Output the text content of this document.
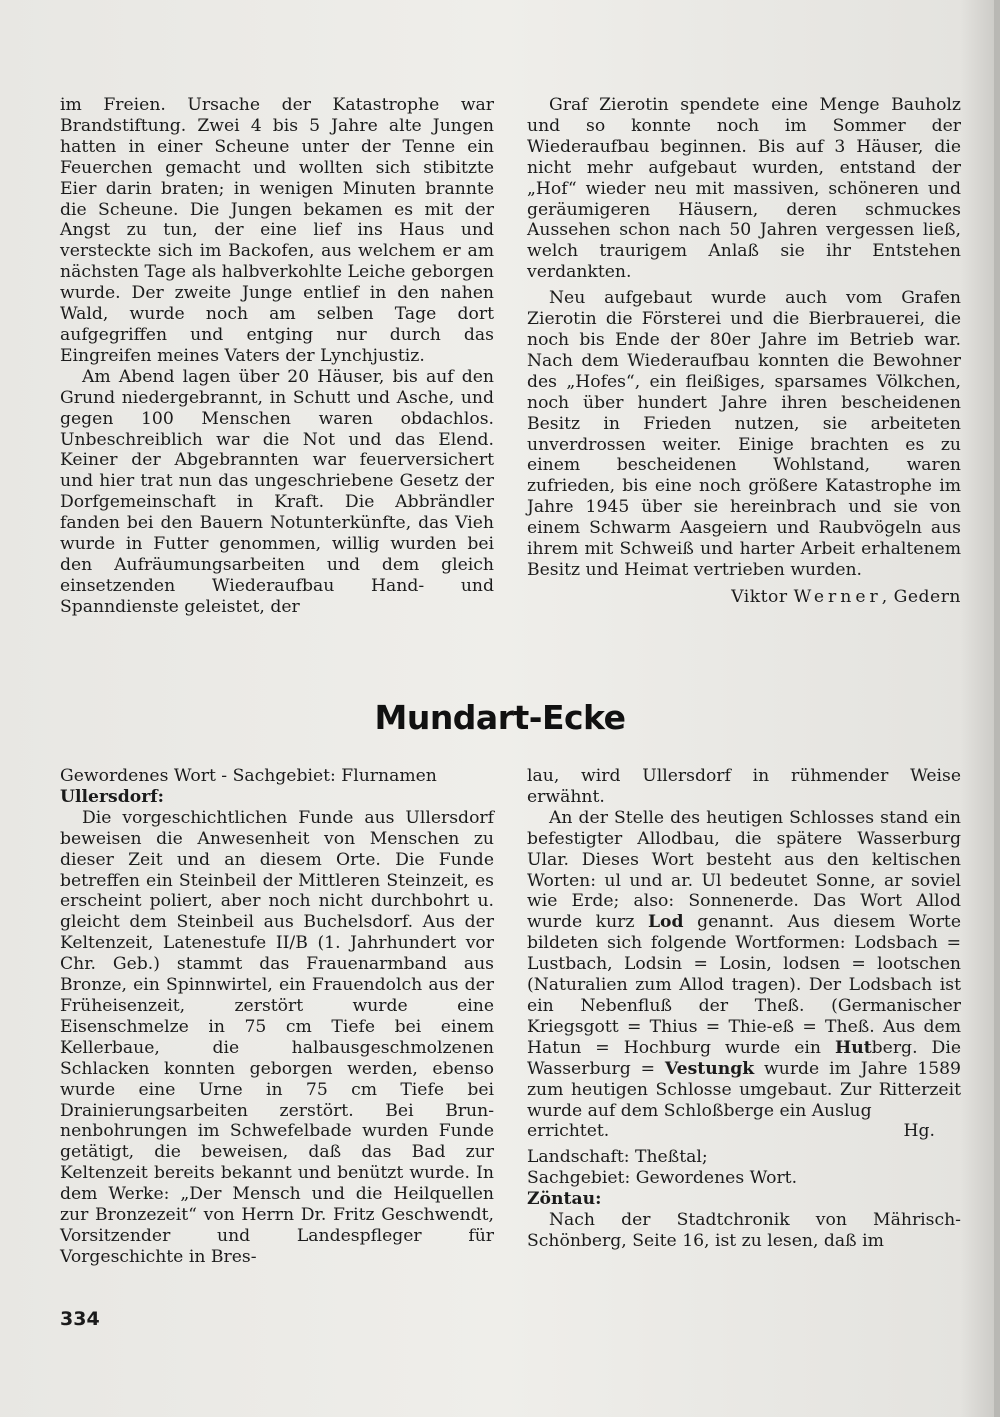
im Freien. Ursache der Katastrophe war Brandstiftung. Zwei 4 bis 5 Jahre alte Jungen hatten in einer Scheune unter der Tenne ein Feuerchen gemacht und wollten sich stibitzte Eier darin braten; in wenigen Minuten brannte die Scheune. Die Jungen bekamen es mit der Angst zu tun, der eine lief ins Haus und versteckte sich im Backofen, aus welchem er am nächsten Tage als halbverkohlte Leiche geborgen wurde. Der zweite Junge entlief in den nahen Wald, wurde noch am selben Tage dort aufgegriffen und entging nur durch das Eingreifen meines Vaters der Lynchjustiz.

Am Abend lagen über 20 Häuser, bis auf den Grund niedergebrannt, in Schutt und Asche, und gegen 100 Menschen waren obdachlos. Unbeschreiblich war die Not und das Elend. Keiner der Abgebrannten war feuerversichert und hier trat nun das ungeschriebene Gesetz der Dorfgemeinschaft in Kraft. Die Abbrändler fanden bei den Bauern Notunterkünfte, das Vieh wurde in Futter genommen, willig wurden bei den Aufräumungsarbeiten und dem gleich einsetzenden Wiederaufbau Hand- und Spanndienste geleistet, der

Graf Zierotin spendete eine Menge Bauholz und so konnte noch im Sommer der Wiederaufbau beginnen. Bis auf 3 Häuser, die nicht mehr aufgebaut wurden, entstand der „Hof“ wieder neu mit massiven, schöneren und geräumigeren Häusern, deren schmuckes Aussehen schon nach 50 Jahren vergessen ließ, welch traurigem Anlaß sie ihr Entstehen verdankten.

Neu aufgebaut wurde auch vom Grafen Zierotin die Försterei und die Bierbrauerei, die noch bis Ende der 80er Jahre im Betrieb war. Nach dem Wiederaufbau konnten die Bewohner des „Hofes“, ein fleißiges, sparsames Völkchen, noch über hundert Jahre ihren bescheidenen Besitz in Frieden nutzen, sie arbeiteten unverdrossen weiter. Einige brachten es zu einem bescheidenen Wohlstand, waren zufrieden, bis eine noch größere Katastrophe im Jahre 1945 über sie hereinbrach und sie von einem Schwarm Aasgeiern und Raubvögeln aus ihrem mit Schweiß und harter Arbeit erhaltenem Besitz und Heimat vertrieben wurden.

Viktor Werner, Gedern
Mundart-Ecke

Gewordenes Wort - Sachgebiet: Flurnamen

Ullersdorf:

Die vorgeschichtlichen Funde aus Ullersdorf beweisen die Anwesenheit von Menschen zu dieser Zeit und an diesem Orte. Die Funde betreffen ein Steinbeil der Mittleren Steinzeit, es erscheint poliert, aber noch nicht durchbohrt u. gleicht dem Steinbeil aus Buchelsdorf. Aus der Keltenzeit, Latenestufe II/B (1. Jahrhundert vor Chr. Geb.) stammt das Frauenarmband aus Bronze, ein Spinnwirtel, ein Frauendolch aus der Früheisenzeit, zerstört wurde eine Eisenschmelze in 75 cm Tiefe bei einem Kellerbaue, die halbausgeschmolzenen Schlacken konnten geborgen werden, ebenso wurde eine Urne in 75 cm Tiefe bei Drainierungsarbeiten zerstört. Bei Brunnenbohrungen im Schwefelbade wurden Funde getätigt, die beweisen, daß das Bad zur Keltenzeit bereits bekannt und benützt wurde. In dem Werke: „Der Mensch und die Heilquellen zur Bronzezeit“ von Herrn Dr. Fritz Geschwendt, Vorsitzender und Landespfleger für Vorgeschichte in Bres-

lau, wird Ullersdorf in rühmender Weise erwähnt.

An der Stelle des heutigen Schlosses stand ein befestigter Allodbau, die spätere Wasserburg Ular. Dieses Wort besteht aus den keltischen Worten: ul und ar. Ul bedeutet Sonne, ar soviel wie Erde; also: Sonnenerde. Das Wort Allod wurde kurz Lod genannt. Aus diesem Worte bildeten sich folgende Wortformen: Lodsbach = Lustbach, Lodsin = Losin, lodsen = lootschen (Naturalien zum Allod tragen). Der Lodsbach ist ein Nebenfluß der Theß. (Germanischer Kriegsgott = Thius = Thie-eß = Theß. Aus dem Hatun = Hochburg wurde ein Hutberg. Die Wasserburg = Vestungk wurde im Jahre 1589 zum heutigen Schlosse umgebaut. Zur Ritterzeit wurde auf dem Schloßberge ein Auslug

errichtet.	Hg.

Landschaft: Theßtal;

Sachgebiet: Gewordenes Wort.

Zöntau:

Nach der Stadtchronik von Mährisch-Schönberg, Seite 16, ist zu lesen, daß im

334
